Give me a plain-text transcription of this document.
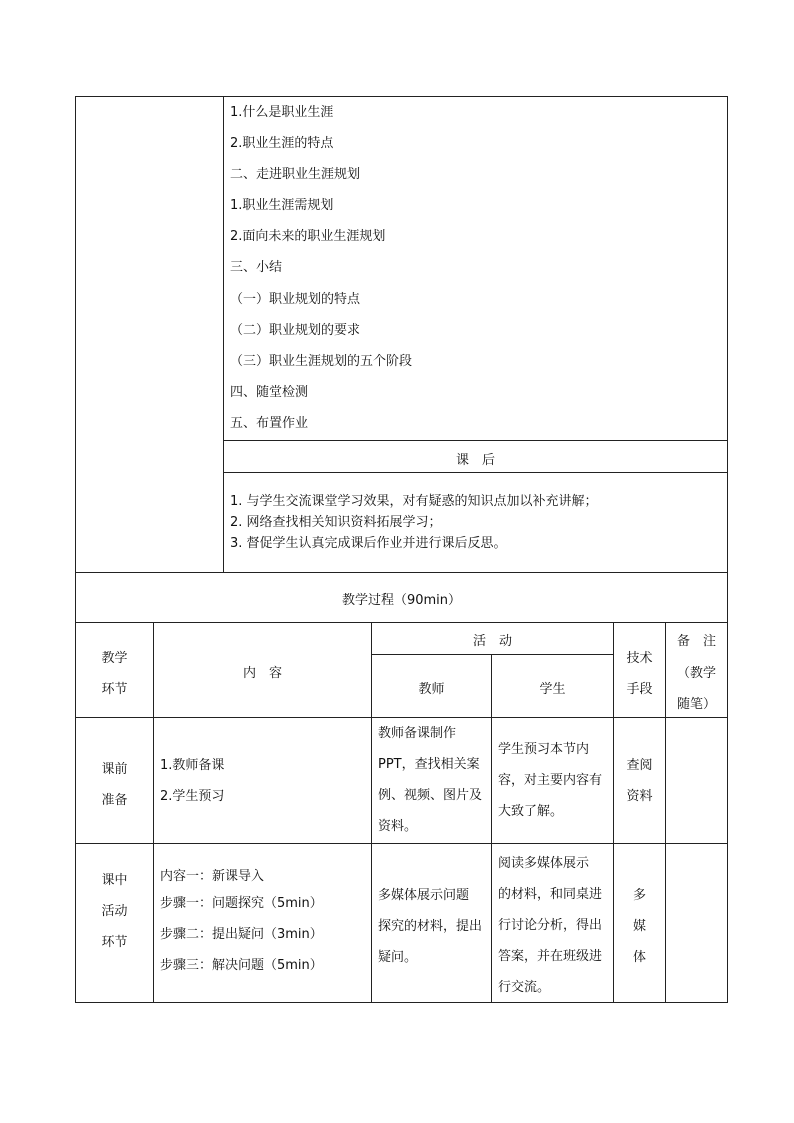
1.什么是职业生涯
2.职业生涯的特点
二、走进职业生涯规划
1.职业生涯需规划
2.面向未来的职业生涯规划
三、小结
（一）职业规划的特点
（二）职业规划的要求
（三）职业生涯规划的五个阶段
四、随堂检测
五、布置作业
课　后
1. 与学生交流课堂学习效果，对有疑惑的知识点加以补充讲解；
2. 网络查找相关知识资料拓展学习；
3. 督促学生认真完成课后作业并进行课后反思。
教学过程（90min）
教学
环节
内　容
活　动
教师	学生
技术
手段
备　注
（教学
随笔）
课前
准备
1.教师备课
2.学生预习
教师备课制作
PPT，查找相关案
例、视频、图片及
资料。
学生预习本节内
容，对主要内容有
大致了解。
查阅
资料
课中
活动
环节
内容一：新课导入
步骤一：问题探究（5min）
步骤二：提出疑问（3min）
步骤三：解决问题（5min）
多媒体展示问题
探究的材料，提出
疑问。
阅读多媒体展示
的材料，和同桌进
行讨论分析，得出
答案，并在班级进
行交流。
多
媒
体
